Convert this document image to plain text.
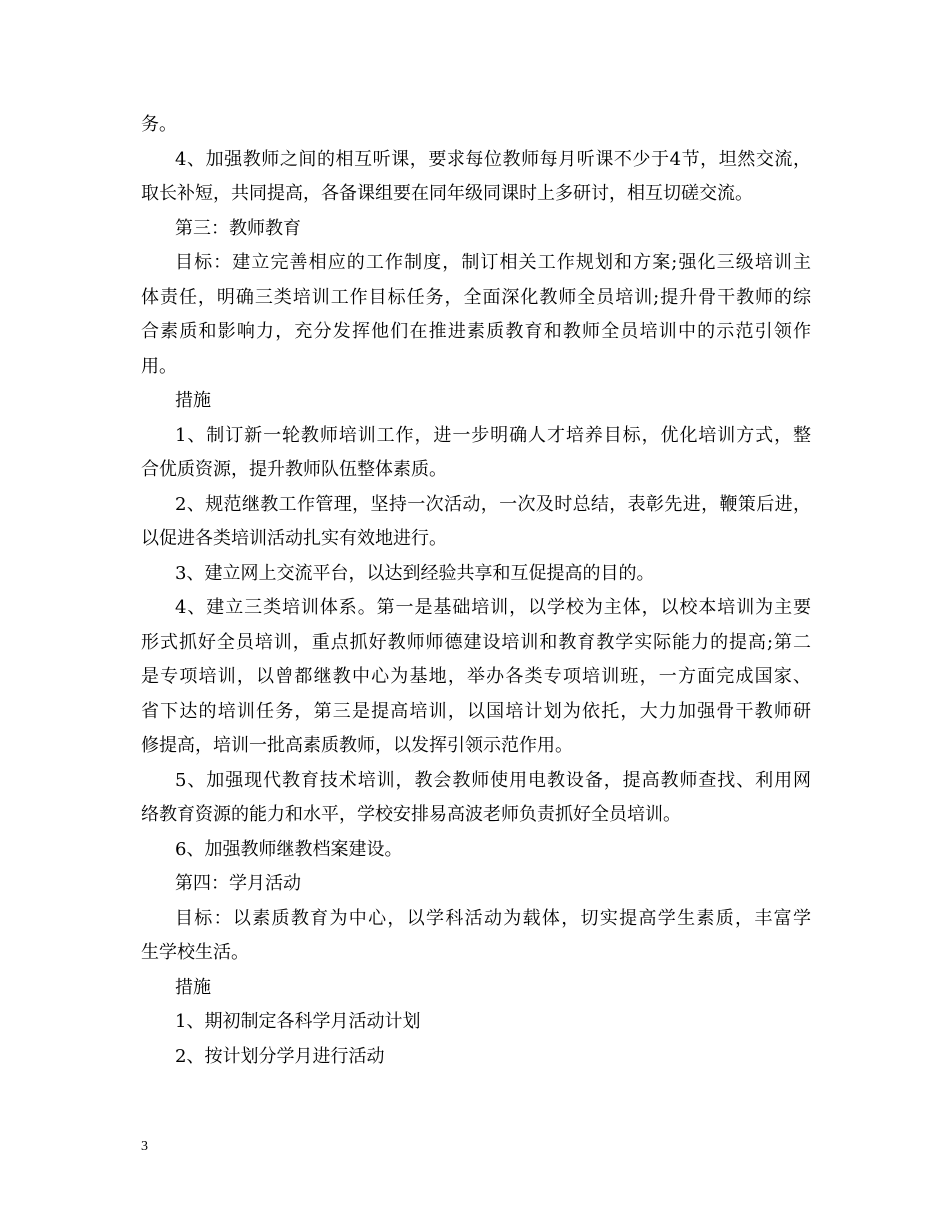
务。
4、加强教师之间的相互听课，要求每位教师每月听课不少于4节，坦然交流，
取长补短，共同提高，各备课组要在同年级同课时上多研讨，相互切磋交流。
第三：教师教育
目标：建立完善相应的工作制度，制订相关工作规划和方案;强化三级培训主
体责任，明确三类培训工作目标任务，全面深化教师全员培训;提升骨干教师的综
合素质和影响力，充分发挥他们在推进素质教育和教师全员培训中的示范引领作
用。
措施
1、制订新一轮教师培训工作，进一步明确人才培养目标，优化培训方式，整
合优质资源，提升教师队伍整体素质。
2、规范继教工作管理，坚持一次活动，一次及时总结，表彰先进，鞭策后进，
以促进各类培训活动扎实有效地进行。
3、建立网上交流平台，以达到经验共享和互促提高的目的。
4、建立三类培训体系。第一是基础培训，以学校为主体，以校本培训为主要
形式抓好全员培训，重点抓好教师师德建设培训和教育教学实际能力的提高;第二
是专项培训，以曾都继教中心为基地，举办各类专项培训班，一方面完成国家、
省下达的培训任务，第三是提高培训，以国培计划为依托，大力加强骨干教师研
修提高，培训一批高素质教师，以发挥引领示范作用。
5、加强现代教育技术培训，教会教师使用电教设备，提高教师查找、利用网
络教育资源的能力和水平，学校安排易高波老师负责抓好全员培训。
6、加强教师继教档案建设。
第四：学月活动
目标：以素质教育为中心，以学科活动为载体，切实提高学生素质，丰富学
生学校生活。
措施
1、期初制定各科学月活动计划
2、按计划分学月进行活动
3
